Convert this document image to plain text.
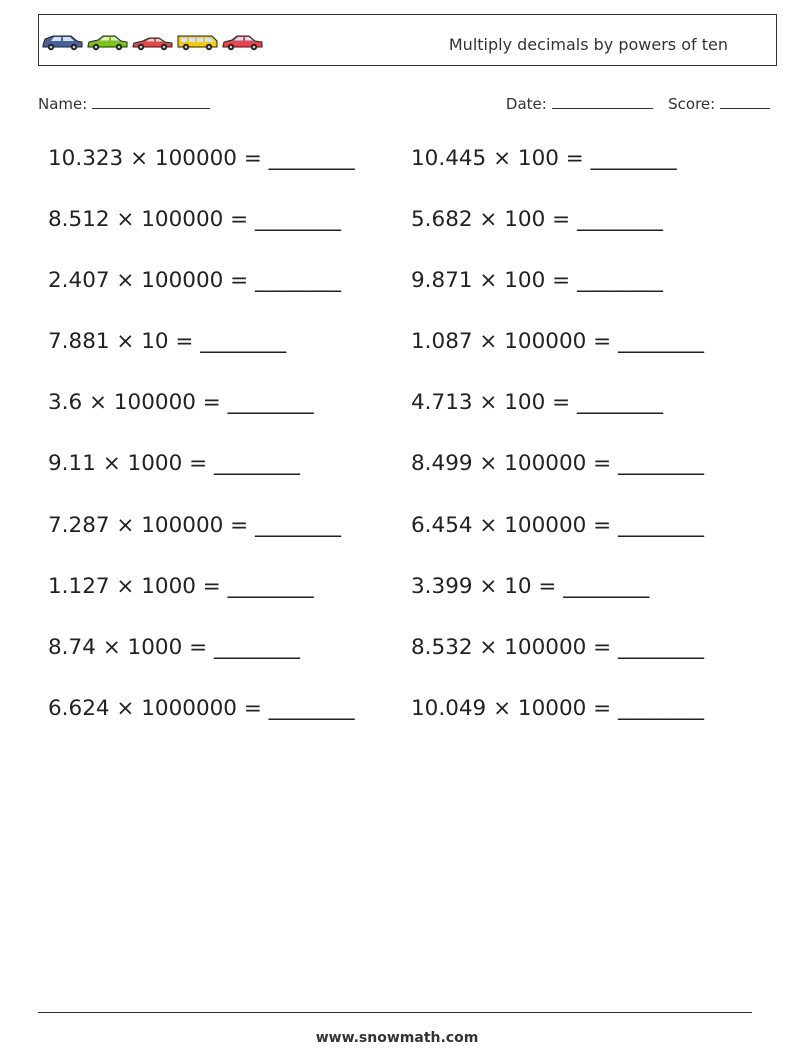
Multiply decimals by powers of ten
Name:	Date:	Score:
10.323 × 100000 = ________	10.445 × 100 = ________
8.512 × 100000 = ________	5.682 × 100 = ________
2.407 × 100000 = ________	9.871 × 100 = ________
7.881 × 10 = ________	1.087 × 100000 = ________
3.6 × 100000 = ________	4.713 × 100 = ________
9.11 × 1000 = ________	8.499 × 100000 = ________
7.287 × 100000 = ________	6.454 × 100000 = ________
1.127 × 1000 = ________	3.399 × 10 = ________
8.74 × 1000 = ________	8.532 × 100000 = ________
6.624 × 1000000 = ________	10.049 × 10000 = ________
www.snowmath.com
